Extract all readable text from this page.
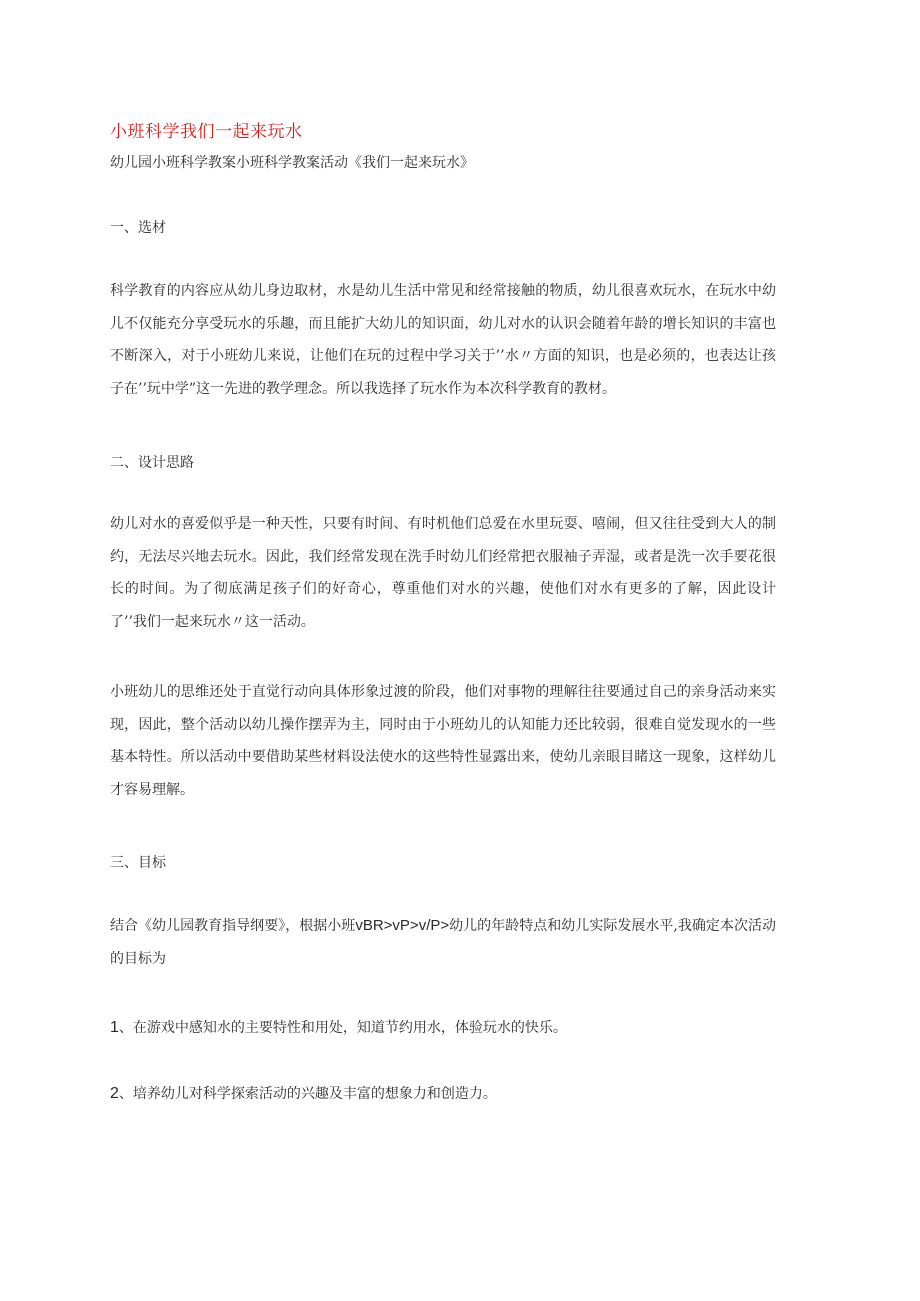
小班科学我们一起来玩水
幼儿园小班科学教案小班科学教案活动《我们一起来玩水》
一、选材

科学教育的内容应从幼儿身边取材，水是幼儿生活中常见和经常接触的物质，幼儿很喜欢玩水，在玩水中幼儿不仅能充分享受玩水的乐趣，而且能扩大幼儿的知识面，幼儿对水的认识会随着年龄的增长知识的丰富也不断深入，对于小班幼儿来说，让他们在玩的过程中学习关于’’水〃方面的知识，也是必须的，也表达让孩子在’’玩中学”这一先进的教学理念。所以我选择了玩水作为本次科学教育的教材。

二、设计思路

幼儿对水的喜爱似乎是一种天性，只要有时间、有时机他们总爱在水里玩耍、嘻闹，但又往往受到大人的制约，无法尽兴地去玩水。因此，我们经常发现在洗手时幼儿们经常把衣服袖子弄湿，或者是洗一次手要花很长的时间。为了彻底满足孩子们的好奇心，尊重他们对水的兴趣，使他们对水有更多的了解，因此设计了’’我们一起来玩水〃这一活动。

小班幼儿的思维还处于直觉行动向具体形象过渡的阶段，他们对事物的理解往往要通过自己的亲身活动来实现，因此，整个活动以幼儿操作摆弄为主，同时由于小班幼儿的认知能力还比较弱，很难自觉发现水的一些基本特性。所以活动中要借助某些材料设法使水的这些特性显露出来，使幼儿亲眼目睹这一现象，这样幼儿才容易理解。

三、目标

结合《幼儿园教育指导纲要》，根据小班vBR>vP>v/P>幼儿的年龄特点和幼儿实际发展水平,我确定本次活动的目标为

1、在游戏中感知水的主要特性和用处，知道节约用水，体验玩水的快乐。

2、培养幼儿对科学探索活动的兴趣及丰富的想象力和创造力。
